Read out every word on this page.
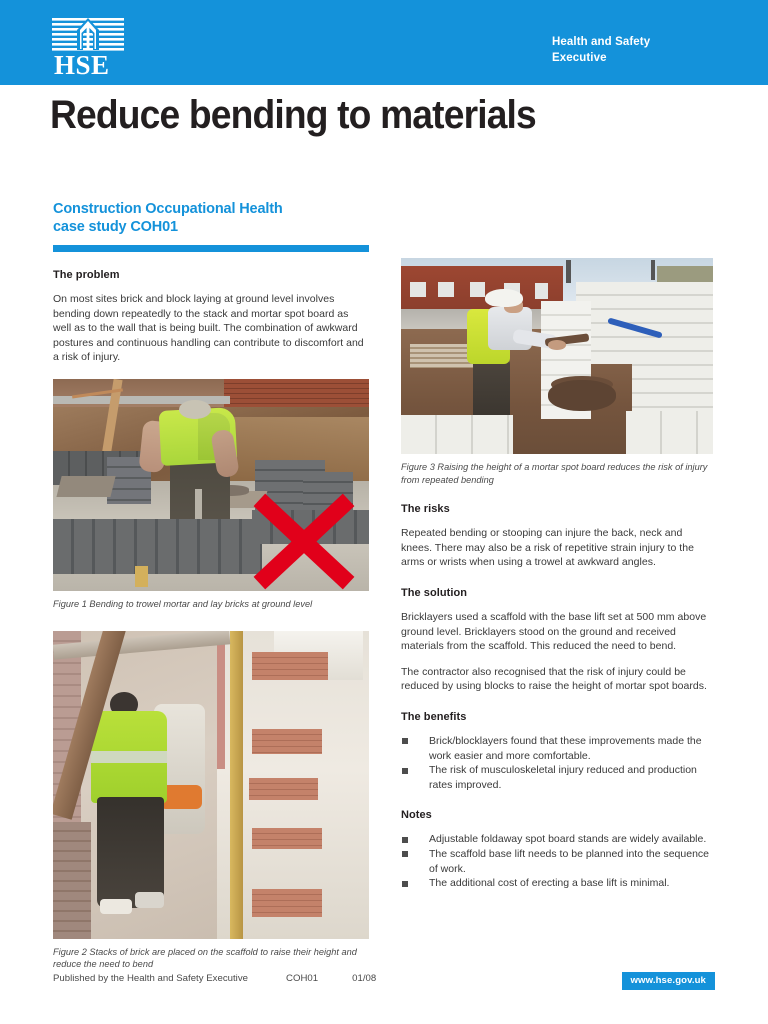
HSE
Health and Safety
Executive
Reduce bending to materials
Construction Occupational Health
case study COH01
The problem

On most sites brick and block laying at ground level involves bending down repeatedly to the stack and mortar spot board as well as to the wall that is being built. The combination of awkward postures and continuous handling can contribute to discomfort and a risk of injury.

Figure 1 Bending to trowel mortar and lay bricks at ground level

Figure 2 Stacks of brick are placed on the scaffold to raise their height and reduce the need to bend

Figure 3 Raising the height of a mortar spot board reduces the risk of injury from repeated bending

The risks

Repeated bending or stooping can injure the back, neck and knees. There may also be a risk of repetitive strain injury to the arms or wrists when using a trowel at awkward angles.

The solution

Bricklayers used a scaffold with the base lift set at 500 mm above ground level. Bricklayers stood on the ground and received materials from the scaffold. This reduced the need to bend.

The contractor also recognised that the risk of injury could be reduced by using blocks to raise the height of mortar spot boards.

The benefits
Brick/blocklayers found that these improvements made the work easier and more comfortable.
The risk of musculoskeletal injury reduced and production rates improved.
Notes
Adjustable foldaway spot board stands are widely available.
The scaffold base lift needs to be planned into the sequence of work.
The additional cost of erecting a base lift is minimal.
Published by the Health and Safety Executive	COH01	01/08	www.hse.gov.uk
